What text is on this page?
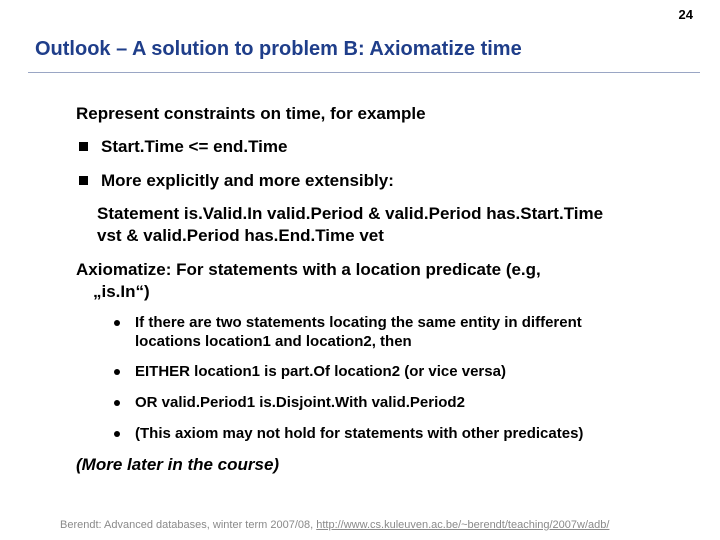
24
Outlook – A solution to problem B: Axiomatize time
Represent constraints on time, for example
Start.Time <= end.Time
More explicitly and more extensibly:
Statement is.Valid.In valid.Period & valid.Period has.Start.Time
vst & valid.Period has.End.Time vet
Axiomatize: For statements with a location predicate (e.g,
„is.In“)
If there are two statements locating the same entity in different
locations location1 and location2, then
EITHER location1 is part.Of location2 (or vice versa)
OR valid.Period1 is.Disjoint.With valid.Period2
(This axiom may not hold for statements with other predicates)
(More later in the course)
Berendt: Advanced databases, winter term 2007/08, http://www.cs.kuleuven.ac.be/~berendt/teaching/2007w/adb/
